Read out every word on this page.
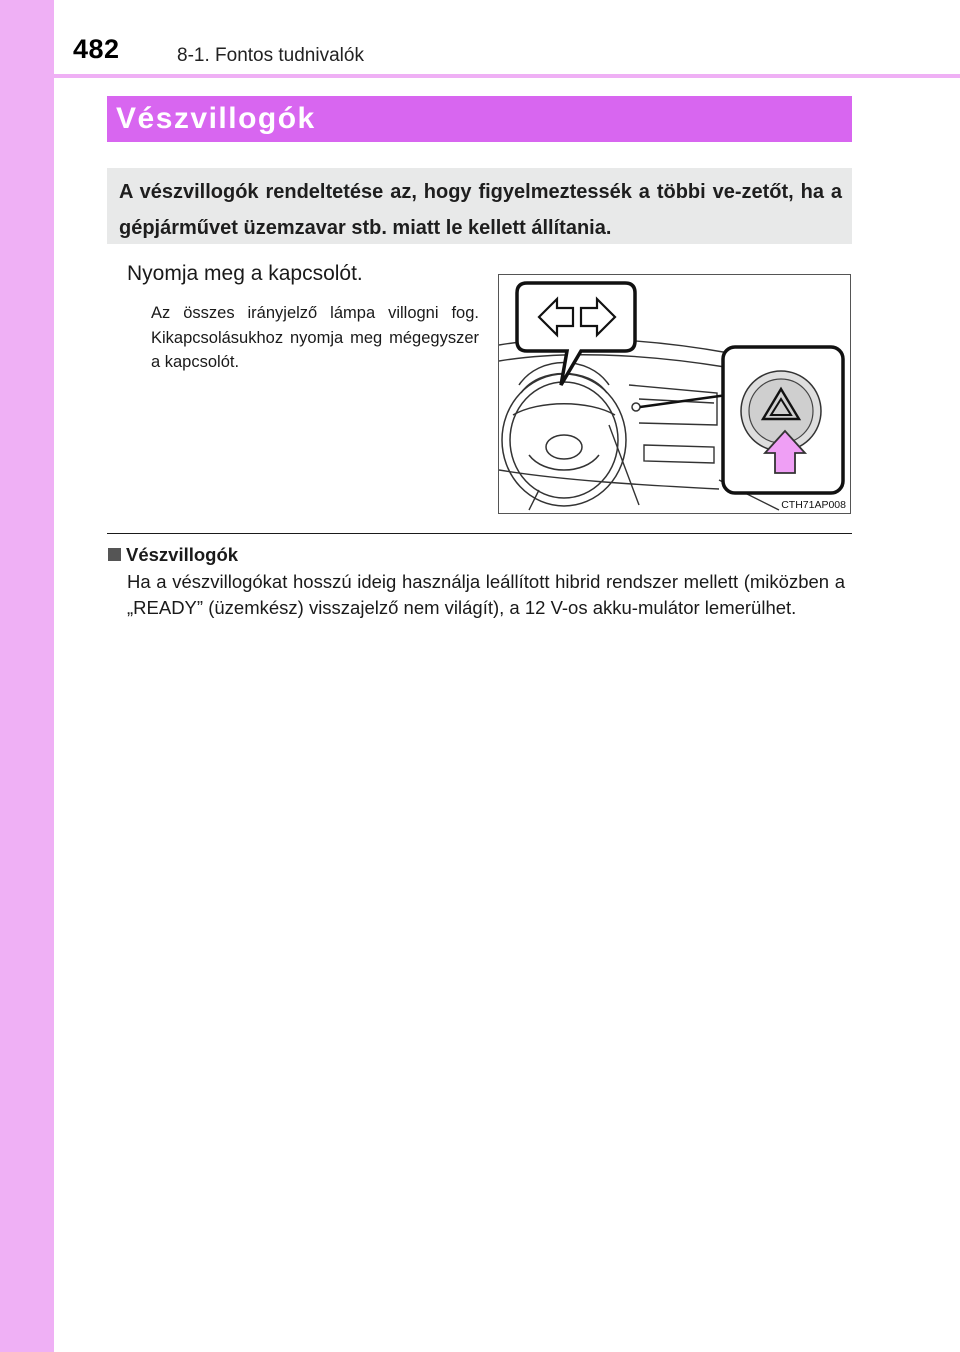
482	8-1. Fontos tudnivalók
Vészvillogók
A vészvillogók rendeltetése az, hogy figyelmeztessék a többi ve-zetőt, ha a gépjárművet üzemzavar stb. miatt le kellett állítania.
Nyomja meg a kapcsolót.
Az összes irányjelző lámpa villogni fog. Kikapcsolásukhoz nyomja meg mégegyszer a kapcsolót.
CTH71AP008
Vészvillogók
Ha a vészvillogókat hosszú ideig használja leállított hibrid rendszer mellett (miközben a „READY” (üzemkész) visszajelző nem világít), a 12 V-os akku-mulátor lemerülhet.
